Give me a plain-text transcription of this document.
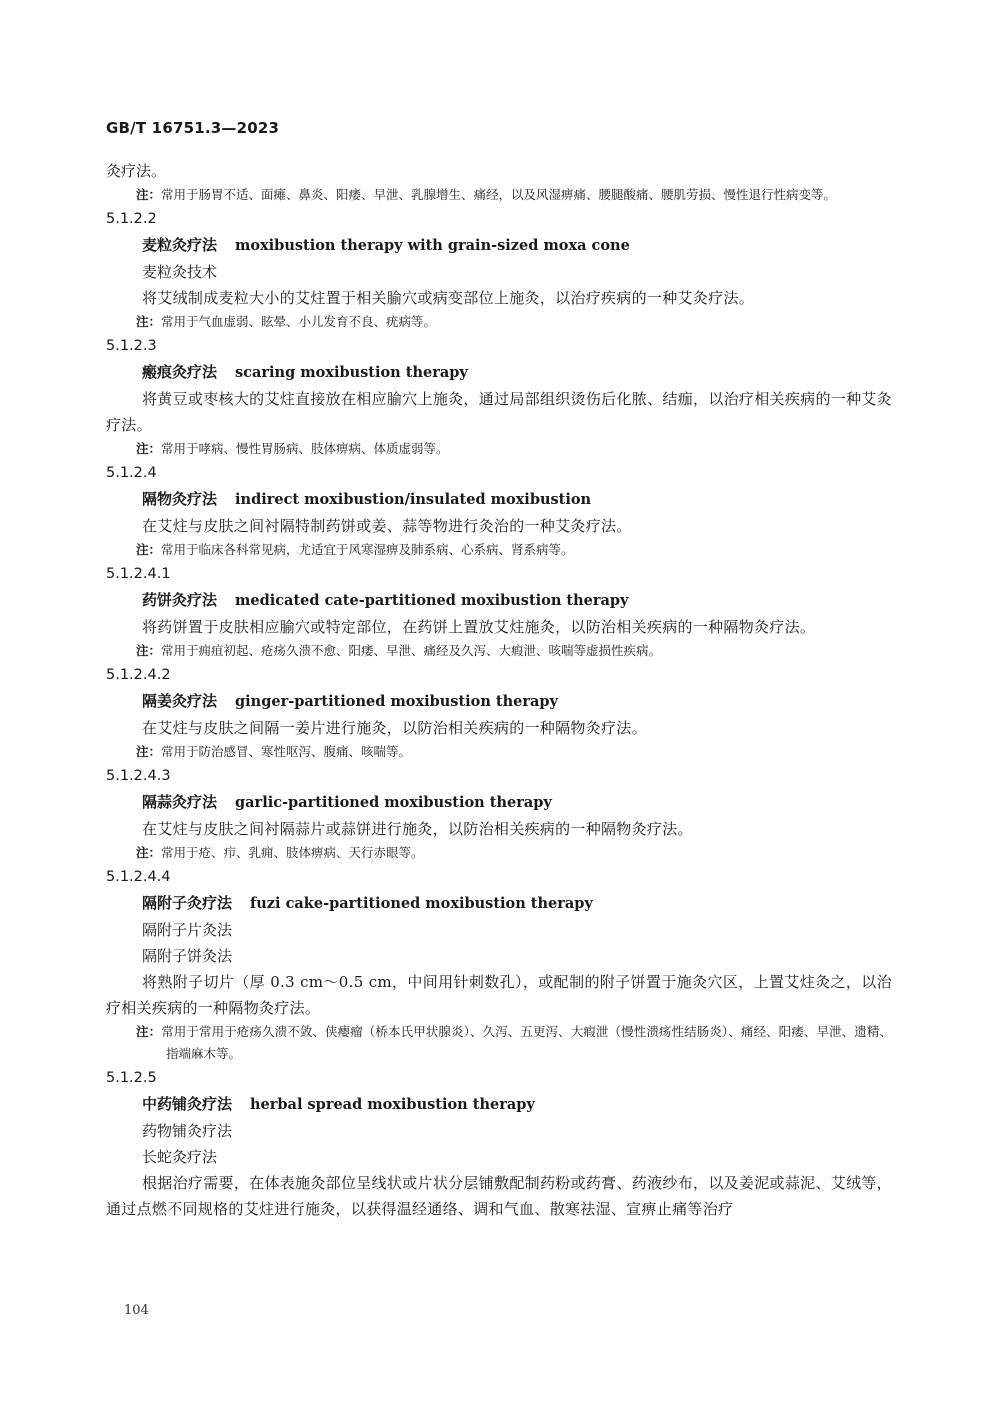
GB/T 16751.3—2023
灸疗法。
注：常用于肠胃不适、面瘫、鼻炎、阳痿、早泄、乳腺增生、痛经，以及风湿痹痛、腰腿酸痛、腰肌劳损、慢性退行性病变等。
5.1.2.2
麦粒灸疗法 moxibustion therapy with grain-sized moxa cone
麦粒灸技术
将艾绒制成麦粒大小的艾炷置于相关腧穴或病变部位上施灸，以治疗疾病的一种艾灸疗法。
注：常用于气血虚弱、眩晕、小儿发育不良、疣病等。
5.1.2.3
瘢痕灸疗法 scaring moxibustion therapy
将黄豆或枣核大的艾炷直接放在相应腧穴上施灸，通过局部组织烫伤后化脓、结痂，以治疗相关疾病的一种艾灸疗法。
注：常用于哮病、慢性胃肠病、肢体痹病、体质虚弱等。
5.1.2.4
隔物灸疗法 indirect moxibustion/insulated moxibustion
在艾炷与皮肤之间衬隔特制药饼或姜、蒜等物进行灸治的一种艾灸疗法。
注：常用于临床各科常见病，尤适宜于风寒湿痹及肺系病、心系病、肾系病等。
5.1.2.4.1
药饼灸疗法 medicated cate-partitioned moxibustion therapy
将药饼置于皮肤相应腧穴或特定部位，在药饼上置放艾炷施灸，以防治相关疾病的一种隔物灸疗法。
注：常用于痈疽初起、疮疡久溃不愈、阳痿、早泄、痛经及久泻、大瘕泄、咳喘等虚损性疾病。
5.1.2.4.2
隔姜灸疗法 ginger-partitioned moxibustion therapy
在艾炷与皮肤之间隔一姜片进行施灸，以防治相关疾病的一种隔物灸疗法。
注：常用于防治感冒、寒性呕泻、腹痛、咳喘等。
5.1.2.4.3
隔蒜灸疗法 garlic-partitioned moxibustion therapy
在艾炷与皮肤之间衬隔蒜片或蒜饼进行施灸，以防治相关疾病的一种隔物灸疗法。
注：常用于疮、疖、乳痈、肢体痹病、天行赤眼等。
5.1.2.4.4
隔附子灸疗法 fuzi cake-partitioned moxibustion therapy
隔附子片灸法
隔附子饼灸法
将熟附子切片（厚 0.3 cm～0.5 cm，中间用针刺数孔），或配制的附子饼置于施灸穴区，上置艾炷灸之，以治疗相关疾病的一种隔物灸疗法。
注：常用于常用于疮疡久溃不敛、侠瘿瘤（桥本氏甲状腺炎）、久泻、五更泻、大瘕泄（慢性溃疡性结肠炎）、痛经、阳痿、早泄、遗精、指端麻木等。
5.1.2.5
中药铺灸疗法 herbal spread moxibustion therapy
药物铺灸疗法
长蛇灸疗法
根据治疗需要，在体表施灸部位呈线状或片状分层铺敷配制药粉或药膏、药液纱布，以及姜泥或蒜泥、艾绒等，通过点燃不同规格的艾炷进行施灸，以获得温经通络、调和气血、散寒祛湿、宣痹止痛等治疗
104
